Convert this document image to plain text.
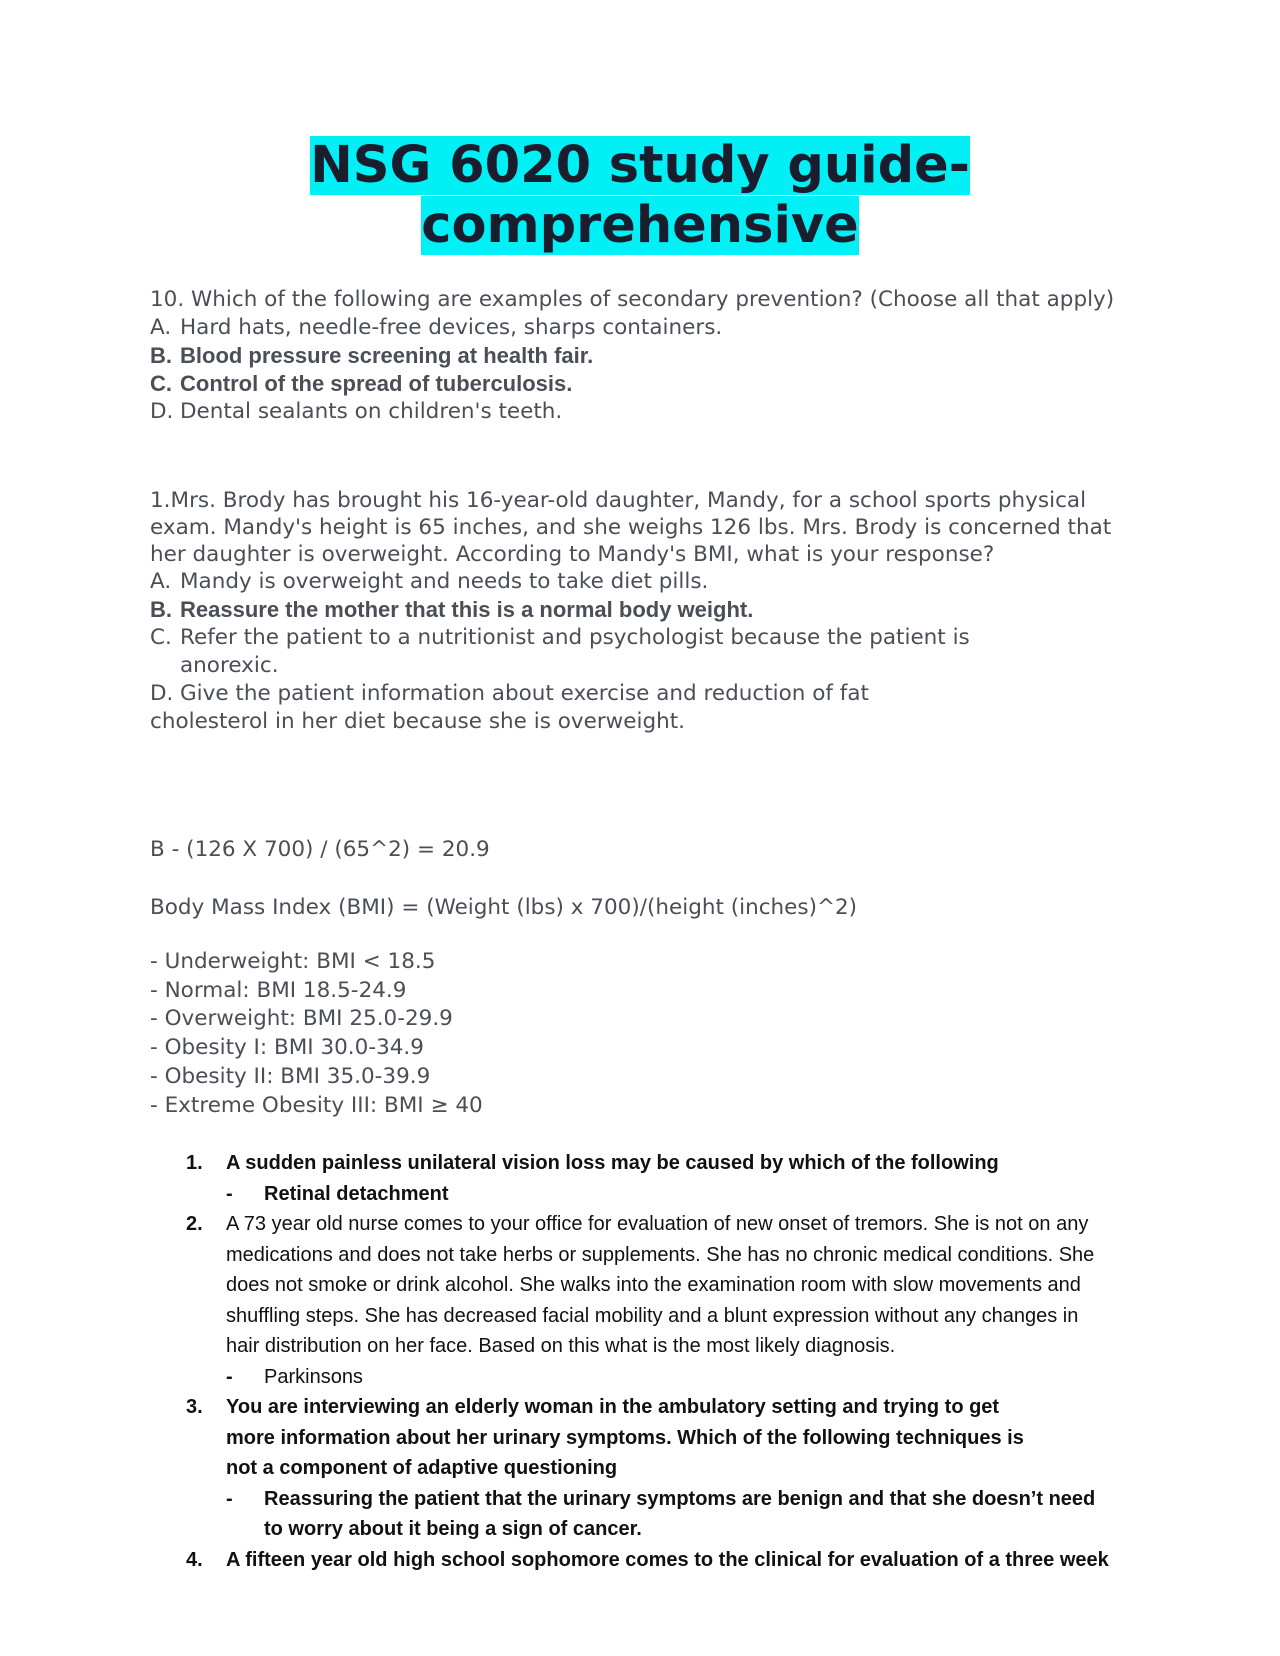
NSG 6020 study guide-
comprehensive

10. Which of the following are examples of secondary prevention? (Choose all that apply)

A. Hard hats, needle-free devices, sharps containers.
B. Blood pressure screening at health fair.
C. Control of the spread of tuberculosis.
D. Dental sealants on children's teeth.

1.Mrs. Brody has brought his 16-year-old daughter, Mandy, for a school sports physical exam. Mandy's height is 65 inches, and she weighs 126 lbs. Mrs. Brody is concerned that her daughter is overweight. According to Mandy's BMI, what is your response?

A. Mandy is overweight and needs to take diet pills.
B. Reassure the mother that this is a normal body weight.
C. Refer the patient to a nutritionist and psychologist because the patient is anorexic.
D. Give the patient information about exercise and reduction of fat

cholesterol in her diet because she is overweight.

B - (126 X 700) / (65^2) = 20.9

Body Mass Index (BMI) = (Weight (lbs) x 700)/(height (inches)^2)

- Underweight: BMI < 18.5
- Normal: BMI 18.5-24.9
- Overweight: BMI 25.0-29.9
- Obesity I: BMI 30.0-34.9
- Obesity II: BMI 35.0-39.9
- Extreme Obesity III: BMI ≥ 40
1.	A sudden painless unilateral vision loss may be caused by which of the following
-	Retinal detachment
2.	A 73 year old nurse comes to your office for evaluation of new onset of tremors. She is not on any medications and does not take herbs or supplements. She has no chronic medical conditions. She does not smoke or drink alcohol. She walks into the examination room with slow movements and shuffling steps. She has decreased facial mobility and a blunt expression without any changes in hair distribution on her face. Based on this what is the most likely diagnosis.
-	Parkinsons
3.	You are interviewing an elderly woman in the ambulatory setting and trying to get
more information about her urinary symptoms. Which of the following techniques is
not a component of adaptive questioning
-	Reassuring the patient that the urinary symptoms are benign and that she doesn’t need to worry about it being a sign of cancer.
4.	A fifteen year old high school sophomore comes to the clinical for evaluation of a three week
